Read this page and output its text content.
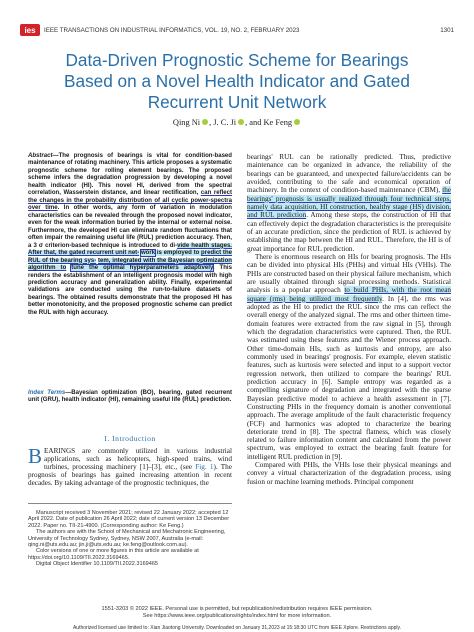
ies IEEE TRANSACTIONS ON INDUSTRIAL INFORMATICS, VOL. 19, NO. 2, FEBRUARY 2023	1301
Data-Driven Prognostic Scheme for Bearings
Based on a Novel Health Indicator and Gated
Recurrent Unit Network
Qing Ni , J. C. Ji , and Ke Feng
Abstract—The prognosis of bearings is vital for condition-based maintenance of rotating machinery. This article proposes a systematic prognostic scheme for rolling element bearings. The proposed scheme infers the degradation progression by developing a novel health indicator (HI). This novel HI, derived from the spectral correlation, Wasserstein distance, and linear rectification, can reflect the changes in the probability distribution of all cyclic power-spectra over time. In other words, any form of variation in modulation characteristics can be revealed through the proposed novel indicator, even for the weak information buried by the internal or external noise. Furthermore, the developed HI can eliminate random fluctuations that often impair the remaining useful life (RUL) prediction accuracy. Then, a 3 σ criterion-based technique is introduced to di-vide health stages. After that, the gated recurrent unit net- work is employed to predict the RUL of the bearing sys- tem, integrated with the Bayesian optimization algorithm to tune the optimal hyperparameters adaptively. This renders the establishment of an intelligent prognosis model with high prediction accuracy and generalization ability. Finally, experimental validations are conducted using the run-to-failure datasets of bearings. The obtained results demonstrate that the proposed HI has better monotonicity, and the proposed prognostic scheme can predict the RUL with high accuracy.
Index Terms—Bayesian optimization (BO), bearing, gated recurrent unit (GRU), health indicator (HI), remaining useful life (RUL) prediction.
I. Introduction
BEARINGS are commonly utilized in various industrial applications, such as helicopters, high-speed trains, wind turbines, processing machinery [1]–[3], etc., (see Fig. 1). The prognosis of bearings has gained increasing attention in recent decades. By taking advantage of the prognostic techniques, the

Manuscript received 3 November 2021; revised 22 January 2022; accepted 12 April 2022. Date of publication 26 April 2022; date of current version 13 December 2022. Paper no. TII-21-4900. (Corresponding author: Ke Feng.)

The authors are with the School of Mechanical and Mechatronic Engineering, University of Technology Sydney, Sydney, NSW 2007, Australia (e-mail: qing.ni@uts.edu.au; jin.ji@uts.edu.au; ke.feng@outlook.com.au).

Color versions of one or more figures in this article are available at https://doi.org/10.1109/TII.2022.3169465.

Digital Object Identifier 10.1109/TII.2022.3169465

bearings' RUL can be rationally predicted. Thus, predictive maintenance can be organized in advance, the reliability of the bearings can be guaranteed, and unexpected failure/accidents can be avoided, contributing to the safe and economical operation of machinery. In the context of condition-based maintenance (CBM), the bearings' prognosis is usually realized through four technical steps, namely data acquisition, HI construction, healthy stage (HS) division, and RUL prediction. Among these steps, the construction of HI that can effectively depict the degradation characteristics is the prerequisite of an accurate prediction, since the prediction of RUL is achieved by establishing the map between the HI and RUL. Therefore, the HI is of great importance for RUL prediction.

There is enormous research on HIs for bearing prognosis. The HIs can be divided into physical HIs (PHIs) and virtual HIs (VHIs). The PHIs are constructed based on their physical failure mechanism, which are usually obtained through signal processing methods. Statistical analysis is a popular approach to build PHIs, with the root mean square (rms) being utilized most frequently. In [4], the rms was adopted as the HI to predict the RUL since the rms can reflect the overall energy of the analyzed signal. The rms and other thirteen time-domain features were extracted from the raw signal in [5], through which the degradation characteristics were captured. Then, the RUL was estimated using these features and the Wiener process approach. Other time-domain HIs, such as kurtosis and entropy, are also commonly used in bearings' prognosis. For example, eleven statistic features, such as kurtosis were selected and input to a support vector regression network, then utilized to compare the bearings' RUL prediction accuracy in [6]. Sample entropy was regarded as a compelling signature of degradation and integrated with the sparse Bayesian predictive model to achieve a health assessment in [7]. Constructing PHIs in the frequency domain is another conventional approach. The average amplitude of the fault characteristic frequency (FCF) and harmonics was adopted to characterize the bearing deteriorate trend in [8]. The spectral flatness, which was closely related to failure information content and calculated from the power spectrum, was employed to extract the bearing fault feature for intelligent RUL prediction in [9].

Compared with PHIs, the VHIs lose their physical meanings and convey a virtual characterization of the degradation process, using fusion or machine learning methods. Principal component

1551-3203 © 2022 IEEE. Personal use is permitted, but republication/redistribution requires IEEE permission.
See https://www.ieee.org/publications/rights/index.html for more information.
Authorized licensed use limited to: Xian Jiaotong University. Downloaded on January 31,2023 at 15:18:30 UTC from IEEE Xplore. Restrictions apply.
